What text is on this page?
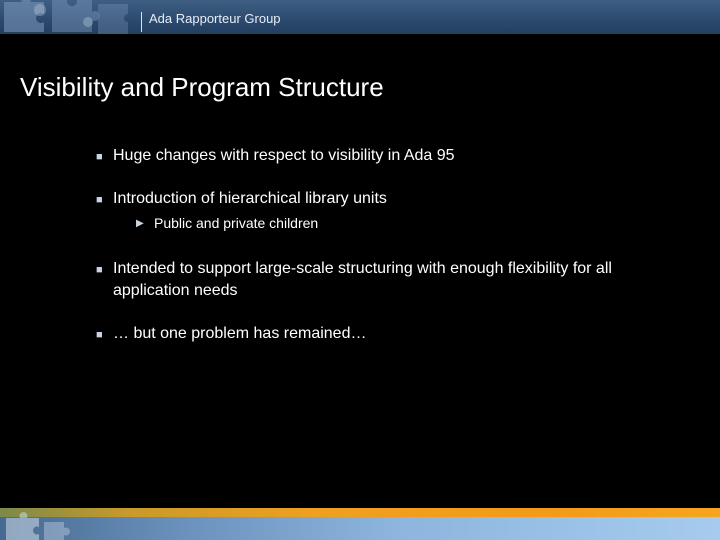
Ada Rapporteur Group
Visibility and Program Structure
■ Huge changes with respect to visibility in Ada 95
■ Introduction of hierarchical library units
▶ Public and private children
■ Intended to support large-scale structuring with enough flexibility for all application needs
■ … but one problem has remained…
